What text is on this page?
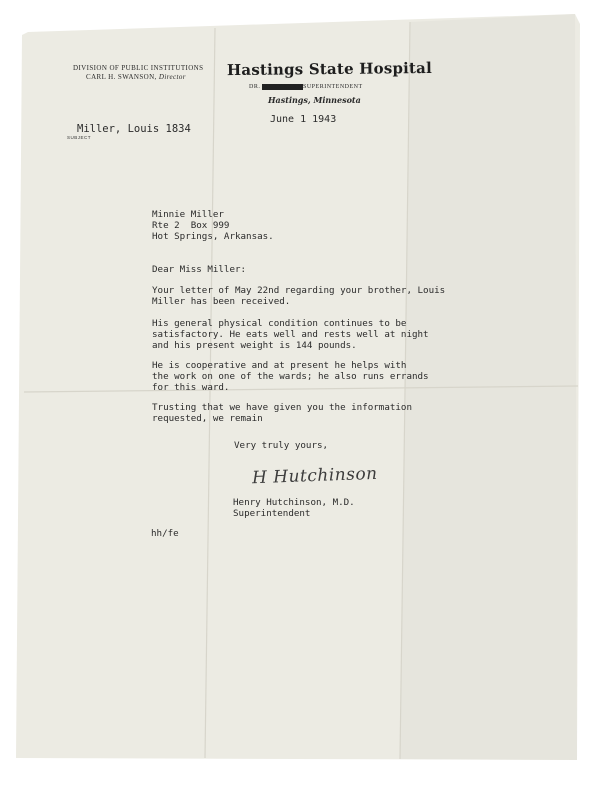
DIVISION OF PUBLIC INSTITUTIONS
CARL H. SWANSON, Director	Hastings State Hospital
DR. XXXXXXXXSUPERINTENDENT
Hastings, Minnesota
June 1 1943
Miller, Louis 1834
SUBJECT
Minnie Miller
Rte 2  Box 999
Hot Springs, Arkansas.
Dear Miss Miller:
Your letter of May 22nd regarding your brother, Louis
Miller has been received.
His general physical condition continues to be
satisfactory. He eats well and rests well at night
and his present weight is 144 pounds.
He is cooperative and at present he helps with
the work on one of the wards; he also runs errands
for this ward.
Trusting that we have given you the information
requested, we remain
Very truly yours,
H Hutchinson
Henry Hutchinson, M.D.
Superintendent
hh/fe
